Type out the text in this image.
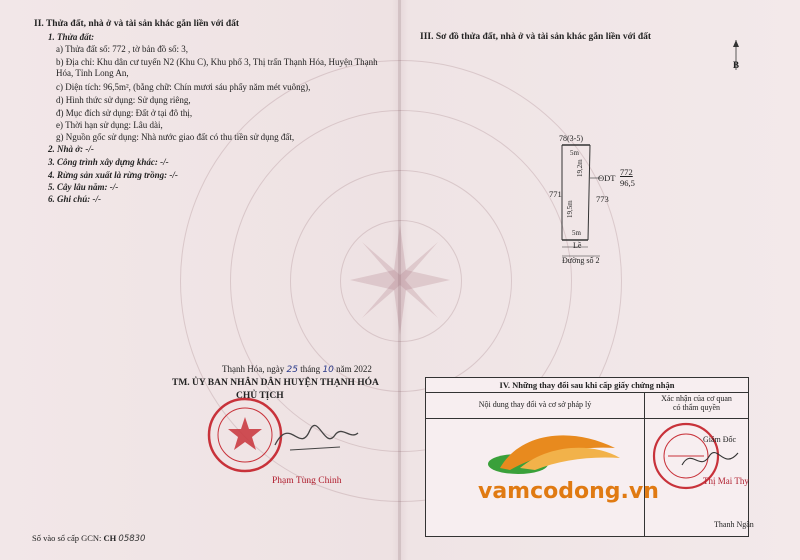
II. Thửa đất, nhà ở và tài sản khác gắn liền với đất
1. Thửa đất:
a) Thửa đất số: 772 , tờ bản đồ số: 3,
b) Địa chỉ: Khu dân cư tuyến N2 (Khu C), Khu phố 3, Thị trấn Thạnh Hóa, Huyện Thạnh
Hóa, Tỉnh Long An,
c) Diện tích: 96,5m², (bằng chữ: Chín mươi sáu phẩy năm mét vuông),
d) Hình thức sử dụng: Sử dụng riêng,
đ) Mục đích sử dụng: Đất ở tại đô thị,
e) Thời hạn sử dụng: Lâu dài,
g) Nguồn gốc sử dụng: Nhà nước giao đất có thu tiền sử dụng đất,
2. Nhà ở: -/-
3. Công trình xây dựng khác: -/-
4. Rừng sản xuất là rừng trồng: -/-
5. Cây lâu năm: -/-
6. Ghi chú: -/-
Thạnh Hóa, ngày 25 tháng 10 năm 2022
TM. ỦY BAN NHÂN DÂN HUYỆN THẠNH HÓA
CHỦ TỊCH
Phạm Tùng Chinh
Số vào sổ cấp GCN: CH 05830
III. Sơ đồ thửa đất, nhà ở và tài sản khác gắn liền với đất
B
78(3-5)
5m
19,2m
ODT
772
96,5
771	773
19,5m
5m
Lề
Đường số 2
IV. Những thay đổi sau khi cấp giấy chứng nhận
Nội dung thay đổi và cơ sở pháp lý
Xác nhận của cơ quan
có thẩm quyền
Giám Đốc
Thị Mai Thy
Thanh Ngân
vamcodong.vn
